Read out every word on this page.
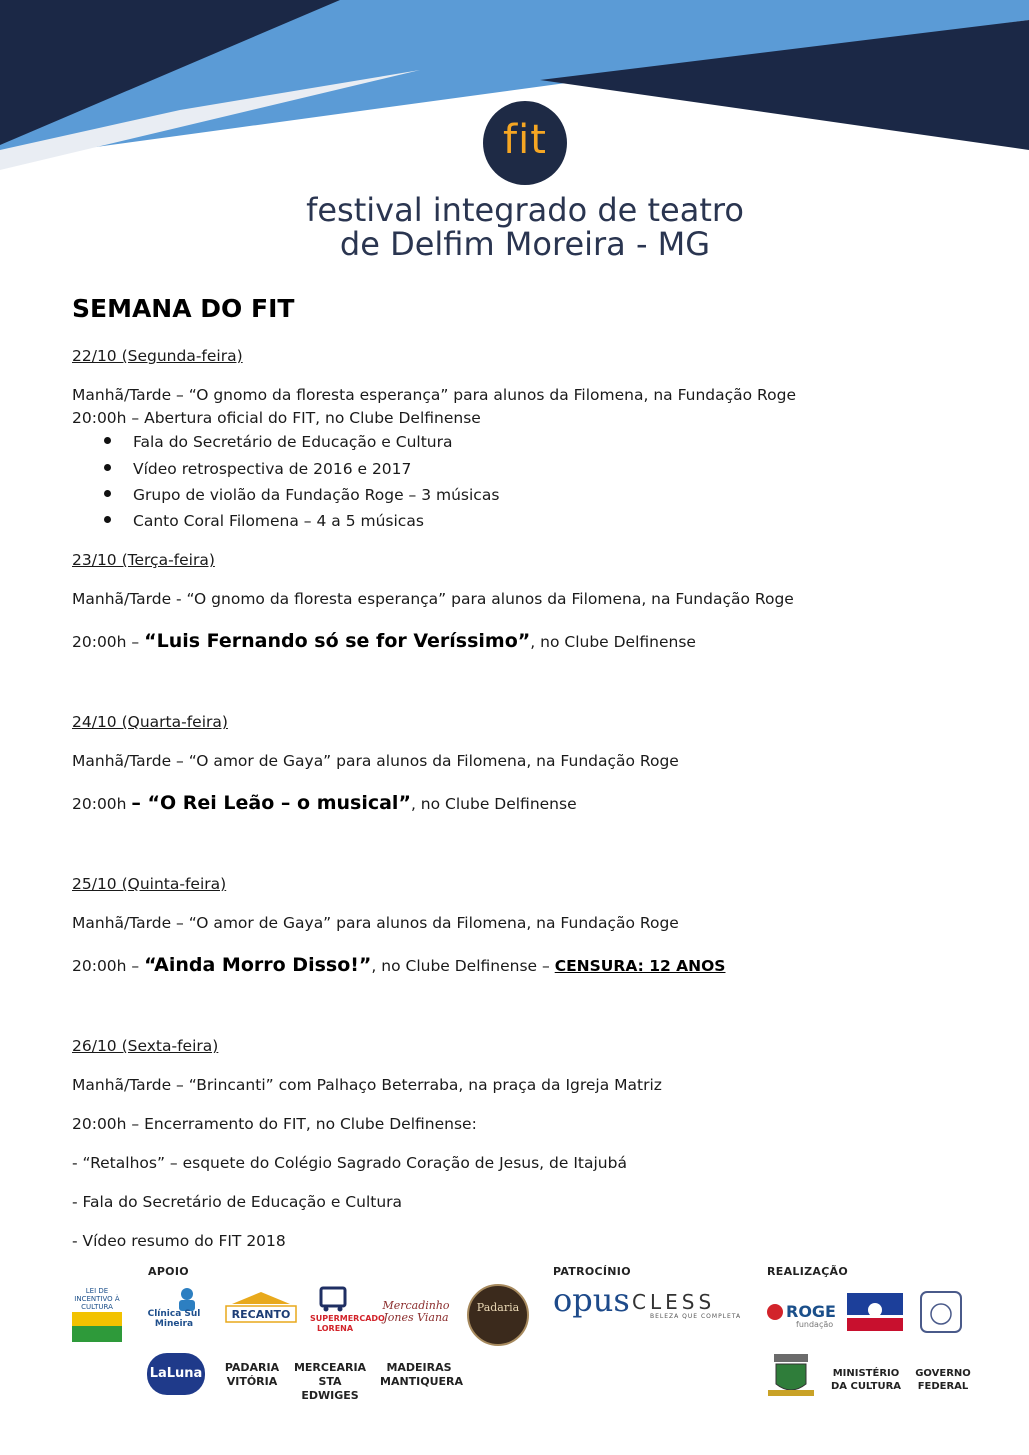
fit
festival integrado de teatro
de Delfim Moreira - MG
SEMANA DO FIT
22/10 (Segunda-feira)
Manhã/Tarde – “O gnomo da floresta esperança” para alunos da Filomena, na Fundação Roge
20:00h – Abertura oficial do FIT, no Clube Delfinense
Fala do Secretário de Educação e Cultura
Vídeo retrospectiva de 2016 e 2017
Grupo de violão da Fundação Roge – 3 músicas
Canto Coral Filomena – 4 a 5 músicas
23/10 (Terça-feira)
Manhã/Tarde - “O gnomo da floresta esperança” para alunos da Filomena, na Fundação Roge
20:00h – “Luis Fernando só se for Veríssimo”, no Clube Delfinense
24/10 (Quarta-feira)
Manhã/Tarde – “O amor de Gaya” para alunos da Filomena, na Fundação Roge
20:00h – “O Rei Leão – o musical”, no Clube Delfinense
25/10 (Quinta-feira)
Manhã/Tarde – “O amor de Gaya” para alunos da Filomena, na Fundação Roge
20:00h – “Ainda Morro Disso!”, no Clube Delfinense – CENSURA: 12 ANOS
26/10 (Sexta-feira)
Manhã/Tarde – “Brincanti” com Palhaço Beterraba, na praça da Igreja Matriz
20:00h – Encerramento do FIT, no Clube Delfinense:
- “Retalhos” – esquete do Colégio Sagrado Coração de Jesus, de Itajubá
- Fala do Secretário de Educação e Cultura
- Vídeo resumo do FIT 2018
APOIO	PATROCÍNIO	REALIZAÇÃO
LEI DE INCENTIVO À CULTURA
Clínica Sul Mineira
RECANTO	SUPERMERCADO LORENA
Mercadinho Jones Viana
Padaria	opus CLESS
BELEZA QUE COMPLETA	ROGE
fundação
LaLuna	PADARIA VITÓRIA
MERCEARIA STA EDWIGES
MADEIRAS MANTIQUERA
MINISTÉRIO DA CULTURA
GOVERNO FEDERAL
